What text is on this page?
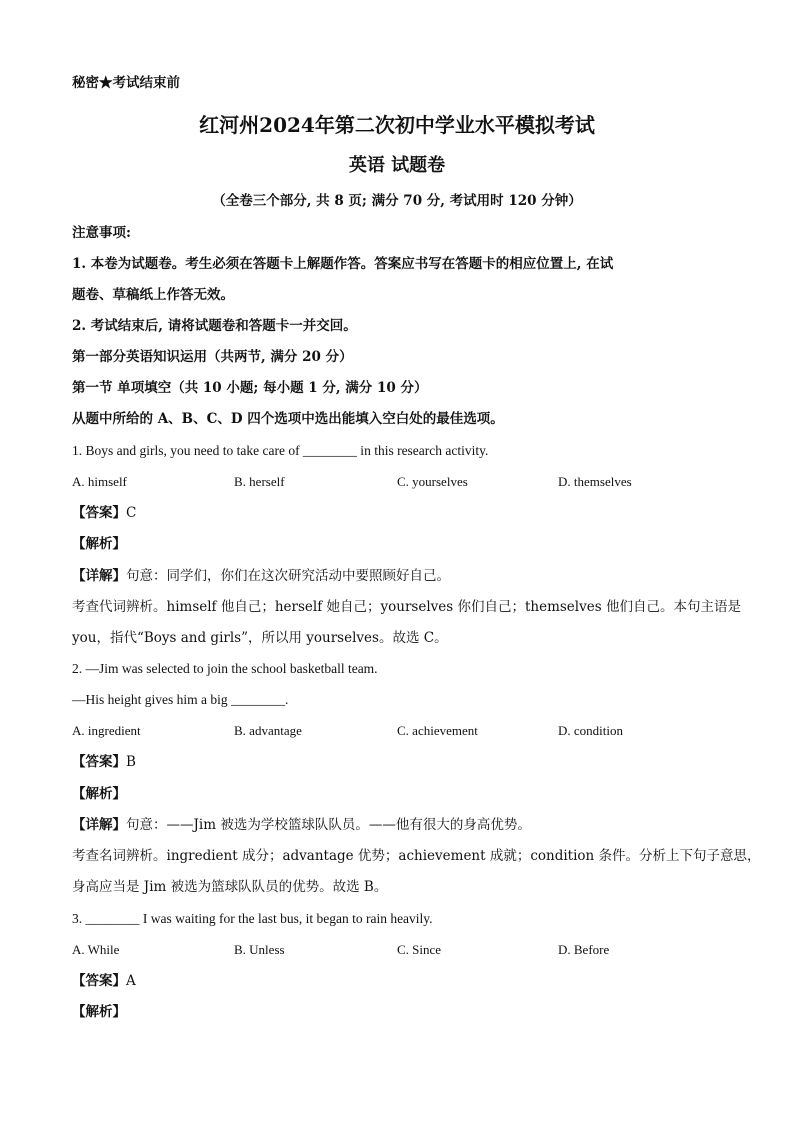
秘密★考试结束前
红河州2024年第二次初中学业水平模拟考试
英语 试题卷
（全卷三个部分, 共 8 页; 满分 70 分, 考试用时 120 分钟）
注意事项:
1. 本卷为试题卷。考生必须在答题卡上解题作答。答案应书写在答题卡的相应位置上, 在试
题卷、草稿纸上作答无效。
2. 考试结束后, 请将试题卷和答题卡一并交回。
第一部分英语知识运用（共两节, 满分 20 分）
第一节 单项填空（共 10 小题; 每小题 1 分, 满分 10 分）
从题中所给的 A、B、C、D 四个选项中选出能填入空白处的最佳选项。
1. Boys and girls, you need to take care of ________ in this research activity.
A. himself	B. herself	C. yourselves	D. themselves
【答案】C
【解析】
【详解】句意：同学们，你们在这次研究活动中要照顾好自己。
考查代词辨析。himself 他自己；herself 她自己；yourselves 你们自己；themselves 他们自己。本句主语是
you，指代“Boys and girls”，所以用 yourselves。故选 C。
2. —Jim was selected to join the school basketball team.
—His height gives him a big ________.
A. ingredient	B. advantage	C. achievement	D. condition
【答案】B
【解析】
【详解】句意：——Jim 被选为学校篮球队队员。——他有很大的身高优势。
考查名词辨析。ingredient 成分；advantage 优势；achievement 成就；condition 条件。分析上下句子意思，
身高应当是 Jim 被选为篮球队队员的优势。故选 B。
3. ________ I was waiting for the last bus, it began to rain heavily.
A. While	B. Unless	C. Since	D. Before
【答案】A
【解析】
